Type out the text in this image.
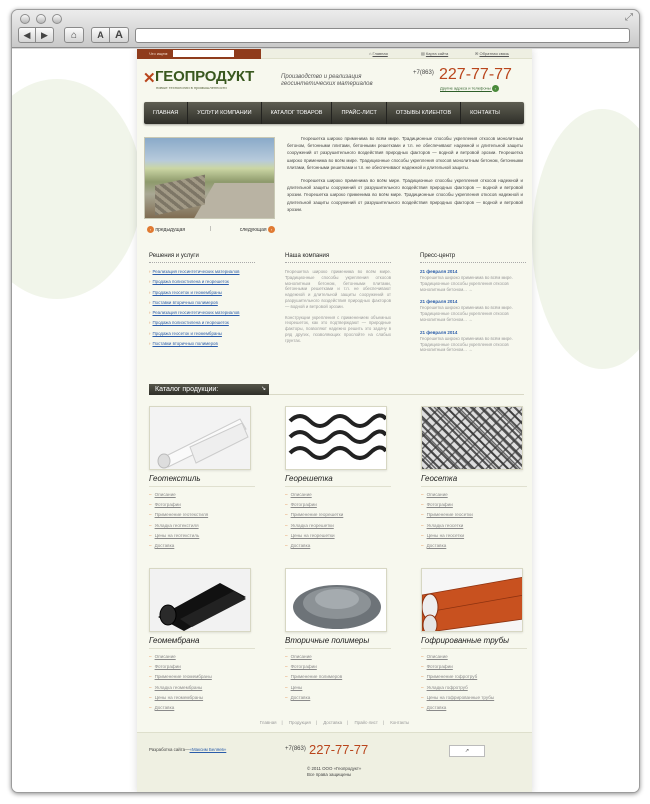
⤢
◀ ▶ ⌂	A	A
Что ищем:	⌂ Главная	▤ Карта сайта	✉ Обратная связь
✕ ГЕОПРОДУКТ
новые технологии в промышленности
Производство и реализация геосинтетических материалов
+7(863) 227-77-77
Другие адреса и телефоны ›
ГЛАВНАЯ	УСЛУГИ КОМПАНИИ	КАТАЛОГ ТОВАРОВ	ПРАЙС-ЛИСТ	ОТЗЫВЫ КЛИЕНТОВ	КОНТАКТЫ
‹ предыдущая	|	следующая ›

Георешетка широко применима во всём мире. Традиционные способы укрепления откосов монолитным бетоном, бетонными плитами, бетонными решетками и т.п. не обеспечивают надежной и длительной защиты сооружений от разрушительного воздействия природных факторов — водной и ветровой эрозии. Георешетка широко применима во всём мире. Традиционные способы укрепления откосов монолитным бетоном, бетонными плитами, бетонными решетками и т.п. не обеспечивают надежной и длительной защиты.

Георешетка широко применима во всём мире. Традиционные способы укрепления откосов надежной и длительной защиты сооружений от разрушительного воздействия природных факторов — водной и ветровой эрозии. Георешетка широко применима во всём мире. Традиционные способы укрепления откосов надежной и длительной защиты сооружений от разрушительного воздействия природных факторов — водной и ветровой эрозии.

Решения и услуги
› Реализация геосинтетических материалов
› Продажа полиэстилена и георешеток
› Продажа геосеток и геомембраны
› Поставки вторичных полимеров
› Реализация геосинтетических материалов
› Продажа полиэстилена и георешеток
› Продажа геосеток и геомембраны
› Поставки вторичных полимеров
Наша компания

Георешетка широко применима во всём мире. Традиционные способы укрепления откосов монолитным бетоном, бетонными плитами, бетонными решетками и т.п. не обеспечивают надежной и длительной защиты сооружений от разрушительного воздействия природных факторов — водной и ветровой эрозии.

Конструкции укрепления с применением объемных георешеток, как это подтверждают — природные факторы, позволяют надежно решить это задачу в ряд других, позволяющих прослойте на слабых грунтах.

Пресс-центр
21 февраля 2014
Георешетка широко применима во всём мире. Традиционные способы укрепления откосов монолитным бетоном... →
21 февраля 2014
Георешетка широко применима во всём мире. Традиционные способы укрепления откосов монолитным бетоном... →
21 февраля 2014
Георешетка широко применима во всём мире. Традиционные способы укрепления откосов монолитным бетоном... →
Каталог продукции:	↘
Геотекстиль
– Описание
– Фотографии
– Применение геотекстиля
– Укладка геотекстиля
– Цены на геотекстиль
– Доставка
Георешетка
– Описание
– Фотографии
– Применение георешетки
– Укладка георешетки
– Цены на георешетки
– Доставка
Геосетка
– Описание
– Фотографии
– Применение геосетки
– Укладка геосетки
– Цены на геосетки
– Доставка
Геомембрана
– Описание
– Фотографии
– Применение геомембраны
– Укладка геомембраны
– Цены на геомембраны
– Доставка
Вторичные полимеры
– Описание
– Фотографии
– Применение полимеров
– Цены
– Доставка
Гофрированные трубы
– Описание
– Фотографии
– Применение гофротруб
– Укладка гофротруб
– Цены на гофрированные трубы
– Доставка
Главная | Продукция | Доставка | Прайс-лист | Контакты
Разработка сайта—«Максим Беляев»	+7(863) 227-77-77
© 2011 ООО «Геопродукт»
Все права защищены
↗
